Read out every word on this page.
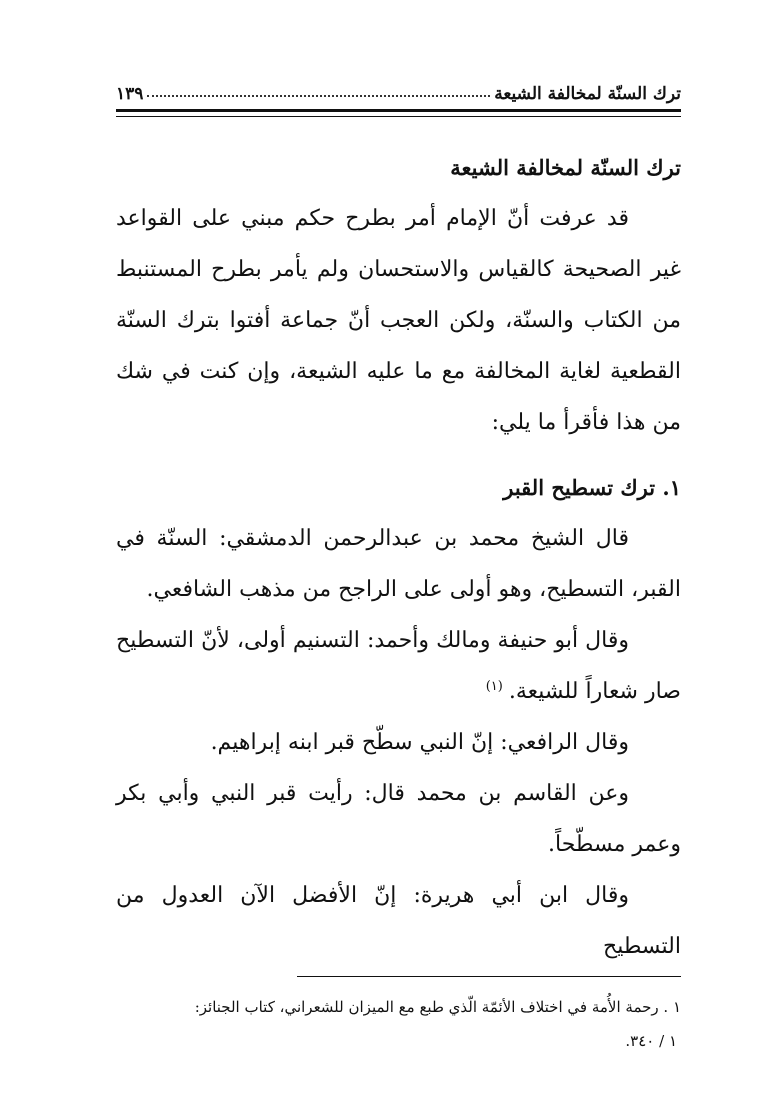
ترك السنّة لمخالفة الشيعة
١٣٩

ترك السنّة لمخالفة الشيعة

قد عرفت أنّ الإمام أمر بطرح حكم مبني على القواعد غير الصحيحة كالقياس والاستحسان ولم يأمر بطرح المستنبط من الكتاب والسنّة، ولكن العجب أنّ جماعة أفتوا بترك السنّة القطعية لغاية المخالفة مع ما عليه الشيعة، وإن كنت في شك من هذا فأقرأ ما يلي:

١. ترك تسطيح القبر

قال الشيخ محمد بن عبدالرحمن الدمشقي: السنّة في القبر، التسطيح، وهو أولى على الراجح من مذهب الشافعي.

وقال أبو حنيفة ومالك وأحمد: التسنيم أولى، لأنّ التسطيح صار شعاراً للشيعة.$^{(١)}$

وقال الرافعي: إنّ النبي سطّح قبر ابنه إبراهيم.

وعن القاسم بن محمد قال: رأيت قبر النبي وأبي بكر وعمر مسطّحاً.

وقال ابن أبي هريرة: إنّ الأفضل الآن العدول من التسطيح

١ . رحمة الأُمة في اختلاف الأئمّة الّذي طبع مع الميزان للشعراني، كتاب الجنائز:

١ / ٣٤٠.
